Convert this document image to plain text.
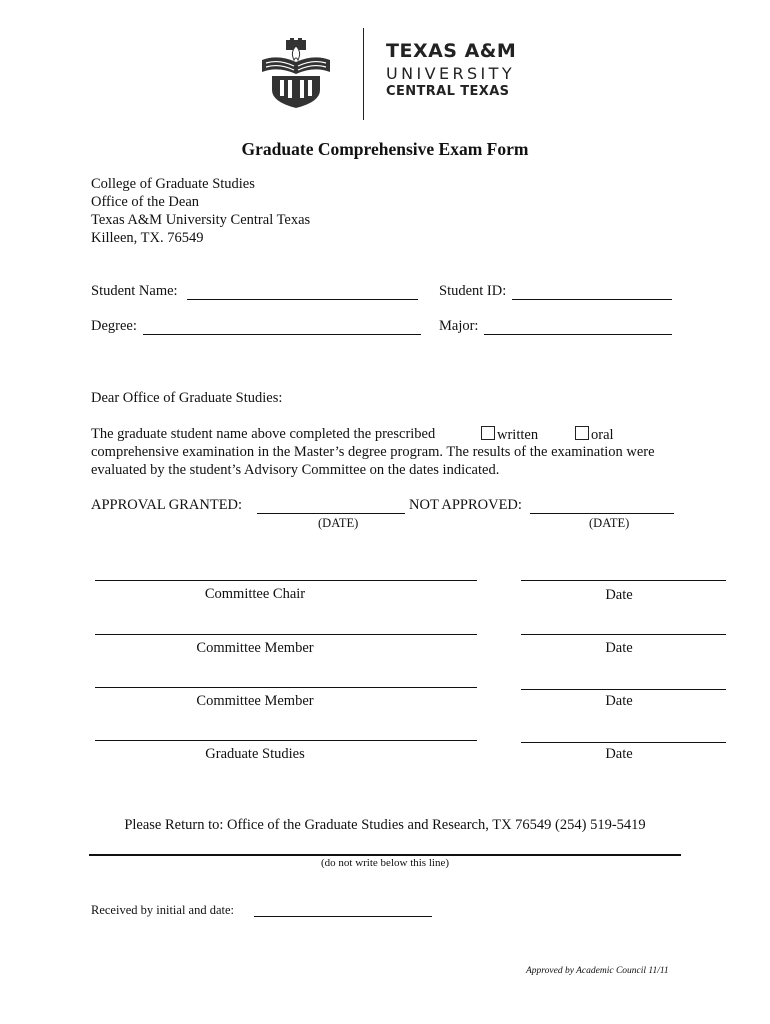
TEXAS A&M
UNIVERSITY
CENTRAL TEXAS
Graduate Comprehensive Exam Form
College of Graduate Studies
Office of the Dean
Texas A&M University Central Texas
Killeen, TX. 76549
Student Name:	Student ID:
Degree:	Major:
Dear Office of Graduate Studies:
The graduate student name above completed the prescribed	written	oral
comprehensive examination in the Master’s degree program. The results of the examination were
evaluated by the student’s Advisory Committee on the dates indicated.
APPROVAL GRANTED:	NOT APPROVED:
(DATE)	(DATE)
Committee Chair	Date
Committee Member	Date
Committee Member	Date
Graduate Studies	Date
Please Return to: Office of the Graduate Studies and Research, TX 76549 (254) 519-5419
(do not write below this line)
Received by initial and date:
Approved by Academic Council 11/11
